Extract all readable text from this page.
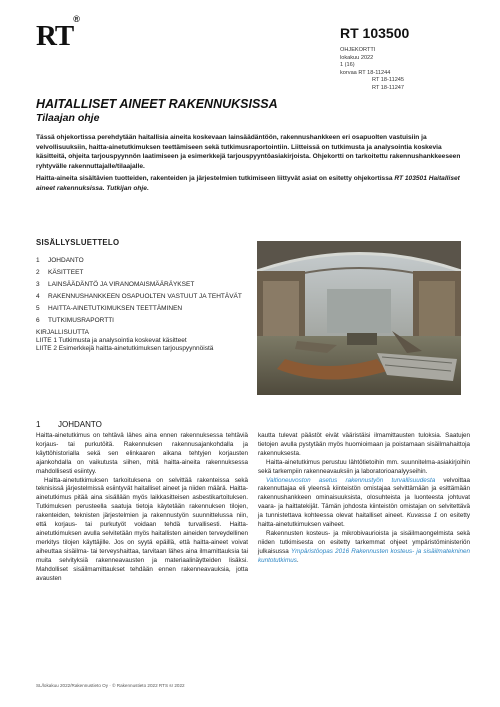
RT®
RT 103500
OHJEKORTTI
lokakuu 2022
1 (16)
korvaa RT 18-11244
RT 18-11245
RT 18-11247
HAITALLISET AINEET RAKENNUKSISSA
Tilaajan ohje

Tässä ohjekortissa perehdytään haitallisia aineita koskevaan lainsäädäntöön, rakennushankkeen eri osapuolten vastuisiin ja velvollisuuksiin, haitta-ainetutkimuksen teettämiseen sekä tutkimusraportointiin. Liitteissä on tutkimusta ja analysointia koskevia käsitteitä, ohjeita tarjouspyynnön laatimiseen ja esimerkkejä tarjouspyyntöasiakirjoista. Ohjekortti on tarkoitettu rakennushankkeeseen ryhtyvälle rakennuttajalle/tilaajalle.

Haitta-aineita sisältävien tuotteiden, rakenteiden ja järjestelmien tutkimiseen liittyvät asiat on esitetty ohjekortissa RT 103501 Haitalliset aineet rakennuksissa. Tutkijan ohje.

SISÄLLYSLUETTELO
1	JOHDANTO
2	KÄSITTEET
3	LAINSÄÄDÄNTÖ JA VIRANOMAISMÄÄRÄYKSET
4	RAKENNUSHANKKEEN OSAPUOLTEN VASTUUT JA TEHTÄVÄT
5	HAITTA-AINETUTKIMUKSEN TEETTÄMINEN
6	TUTKIMUSRAPORTTI
KIRJALLISUUTTA
LIITE 1 Tutkimusta ja analysointia koskevat käsitteet
LIITE 2 Esimerkkejä haitta-ainetutkimuksen tarjouspyynnöistä
1 JOHDANTO

Haitta-ainetutkimus on tehtävä lähes aina ennen rakennuksessa tehtäviä korjaus- tai purkutöitä. Rakennuksen rakennusajankohdalla ja käyttöhistorialla sekä sen elinkaaren aikana tehtyjen korjausten ajankohdalla on vaikutusta siihen, mitä haitta-aineita rakennuksessa mahdollisesti esiintyy.

Haitta-ainetutkimuksen tarkoituksena on selvittää rakenteissa sekä teknisissä järjestelmissä esiintyvät haitalliset aineet ja niiden määrä. Haitta-ainetutkimus pitää aina sisällään myös laikkasitteisen asbestikartoituksen. Tutkimuksen perusteella saatuja tietoja käytetään rakennuksen tilojen, rakenteiden, teknisten järjestelmien ja rakennustyön suunnittelussa niin, että korjaus- tai purkutyöt voidaan tehdä turvallisesti. Haitta-ainetutkimuksen avulla selvitetään myös haitallisten aineiden terveydellinen merkitys tilojen käyttäjille. Jos on syytä epäillä, että haitta-aineet voivat aiheuttaa sisäilma- tai terveyshaittaa, tarvitaan lähes aina ilmamittauksia tai muita selvityksiä rakenneavausten ja materiaalinäytteiden lisäksi. Mahdolliset sisäilmamittaukset tehdään ennen rakenneavauksia, jotta avausten

kautta tulevat päästöt eivät vääristäisi ilmamittausten tuloksia. Saatujen tietojen avulla pystytään myös huomioimaan ja poistamaan sisäilmahaittoja rakennuksesta.

Haitta-ainetutkimus perustuu lähtötietoihin mm. suunnitelma-asiakirjoihin sekä tarkempiin rakenneavauksiin ja laboratorioanalyyseihin.

Valtioneuvoston asetus rakennustyön turvallisuudesta velvoittaa rakennuttajaa eli yleensä kiinteistön omistajaa selvittämään ja esittämään rakennushankkeen ominaisuuksista, olosuhteista ja luonteesta johtuvat vaara- ja haittatekijät. Tämän johdosta kiinteistön omistajan on selvitettävä ja tunnistettava kohteessa olevat haitalliset aineet. Kuvassa 1 on esitetty haitta-ainetutkimuksen vaiheet.

Rakennusten kosteus- ja mikrobivaurioista ja sisäilmaongelmista sekä niiden tutkimisesta on esitetty tarkemmat ohjeet ympäristöministeriön julkaisussa Ympäristöopas 2016 Rakennusten kosteus- ja sisäilmatekninen kuntotutkimus.

SL/lokakuu 2022/Rakennustieto Oy · © Rakennustieto 2022 RTS sr 2022
